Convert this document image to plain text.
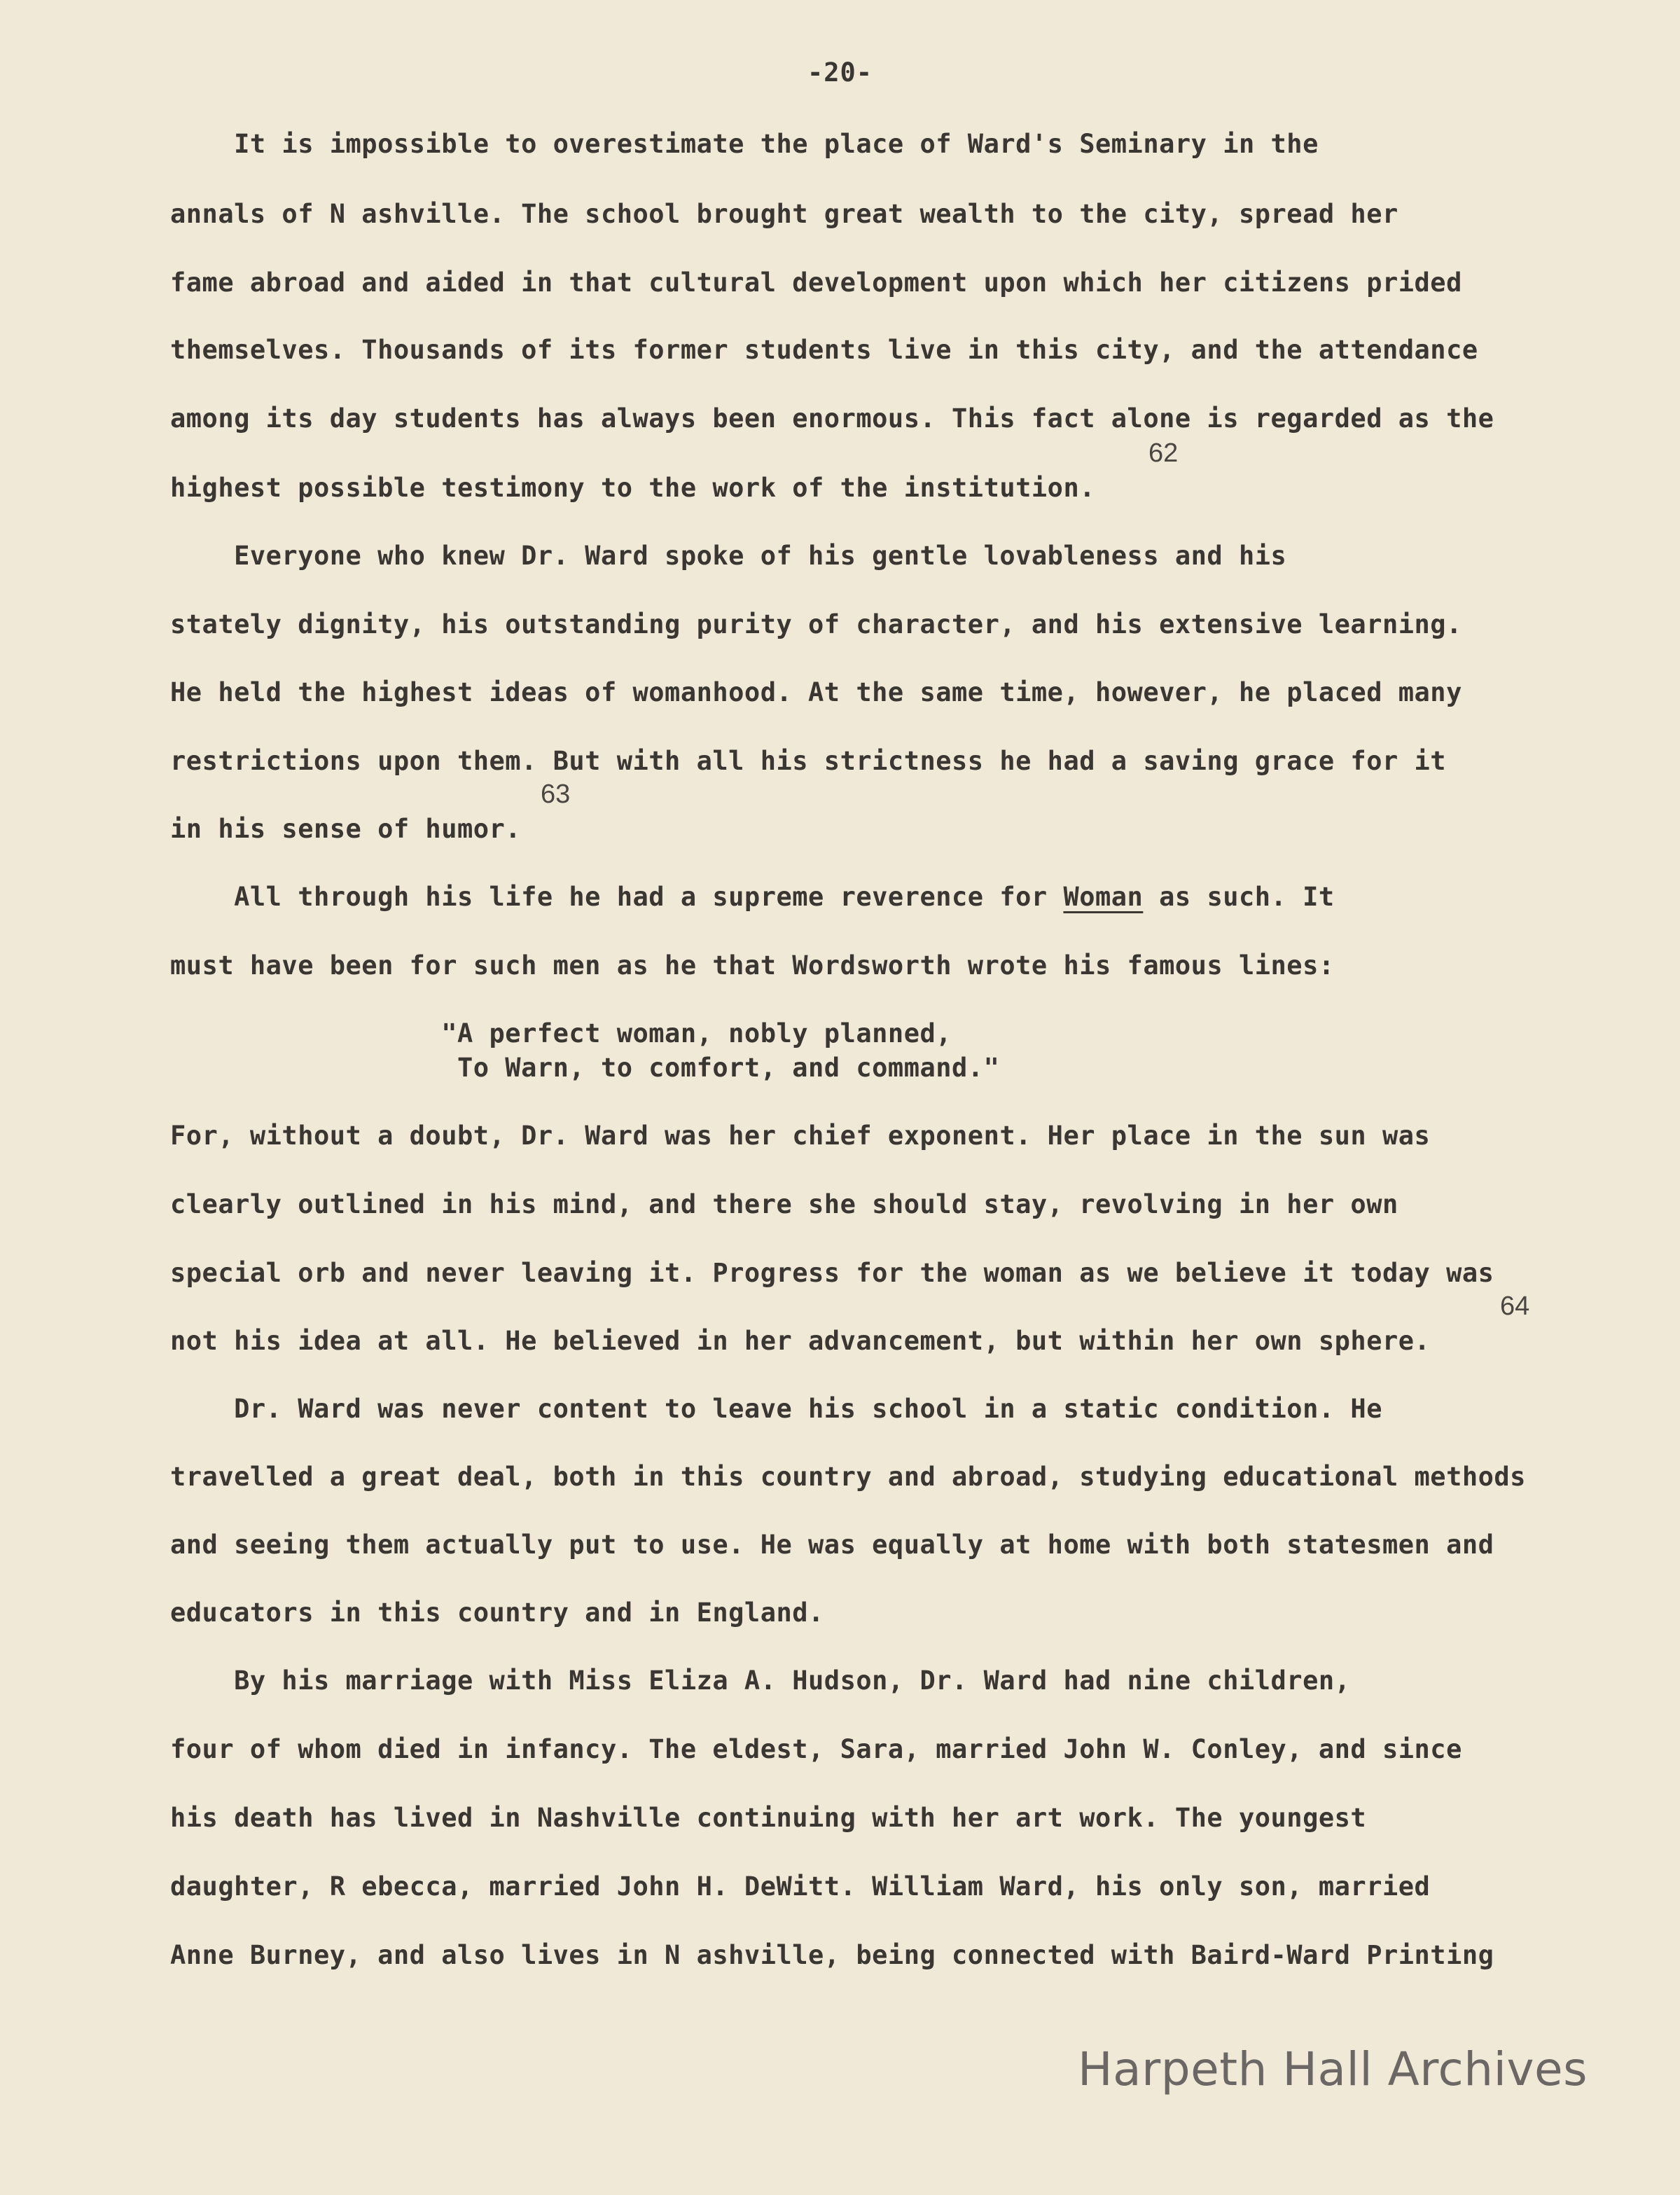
-20-

It is impossible to overestimate the place of Ward's Seminary in the

annals of N ashville. The school brought great wealth to the city, spread her

fame abroad and aided in that cultural development upon which her citizens prided

themselves. Thousands of its former students live in this city, and the attendance

among its day students has always been enormous. This fact alone is regarded as the

highest possible testimony to the work of the institution.

Everyone who knew Dr. Ward spoke of his gentle lovableness and his

stately dignity, his outstanding purity of character, and his extensive learning.

He held the highest ideas of womanhood. At the same time, however, he placed many

restrictions upon them. But with all his strictness he had a saving grace for it

in his sense of humor.

All through his life he had a supreme reverence for Woman as such. It

must have been for such men as he that Wordsworth wrote his famous lines:

"A perfect woman, nobly planned,

To Warn, to comfort, and command."

For, without a doubt, Dr. Ward was her chief exponent. Her place in the sun was

clearly outlined in his mind, and there she should stay, revolving in her own

special orb and never leaving it. Progress for the woman as we believe it today was

not his idea at all. He believed in her advancement, but within her own sphere.

Dr. Ward was never content to leave his school in a static condition. He

travelled a great deal, both in this country and abroad, studying educational methods

and seeing them actually put to use. He was equally at home with both statesmen and

educators in this country and in England.

By his marriage with Miss Eliza A. Hudson, Dr. Ward had nine children,

four of whom died in infancy. The eldest, Sara, married John W. Conley, and since

his death has lived in Nashville continuing with her art work. The youngest

daughter, R ebecca, married John H. DeWitt. William Ward, his only son, married

Anne Burney, and also lives in N ashville, being connected with Baird-Ward Printing

62
63
64
Harpeth Hall Archives
